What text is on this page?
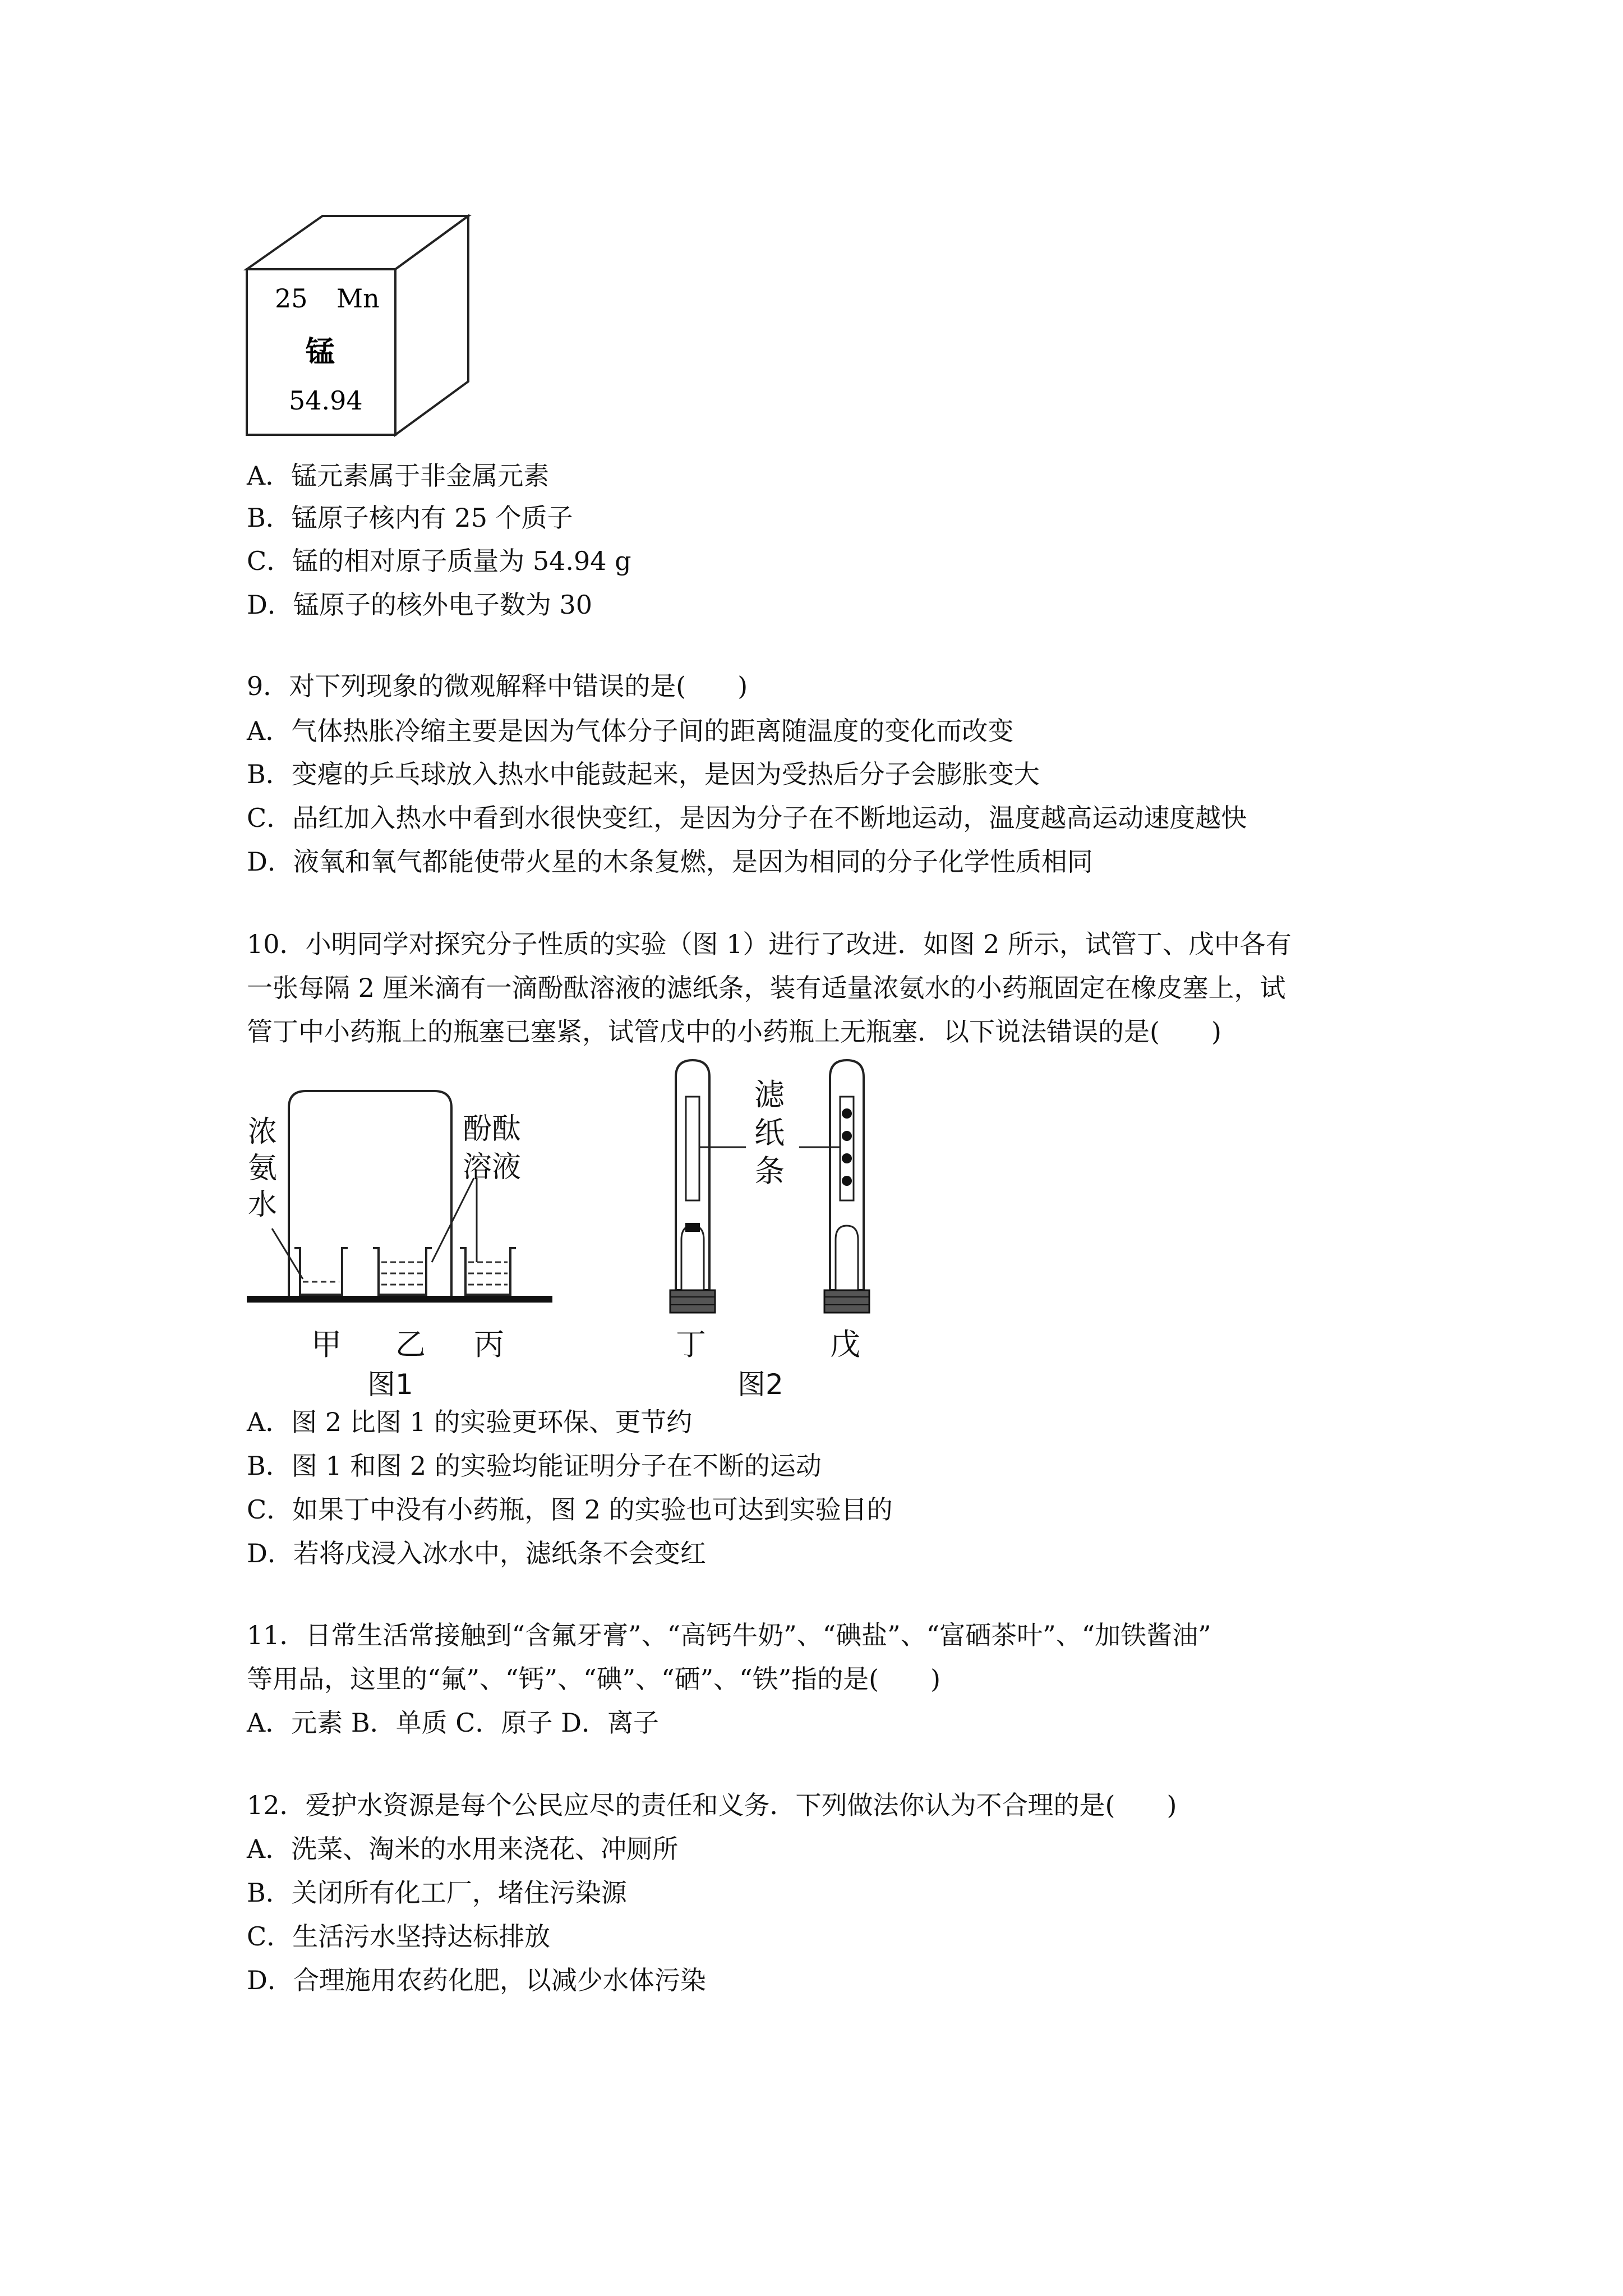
25 Mn
锰
54.94
A．锰元素属于非金属元素
B．锰原子核内有 25 个质子
C．锰的相对原子质量为 54.94 g
D．锰原子的核外电子数为 30
9．对下列现象的微观解释中错误的是(　　)
A．气体热胀冷缩主要是因为气体分子间的距离随温度的变化而改变
B．变瘪的乒乓球放入热水中能鼓起来，是因为受热后分子会膨胀变大
C．品红加入热水中看到水很快变红，是因为分子在不断地运动，温度越高运动速度越快
D．液氧和氧气都能使带火星的木条复燃，是因为相同的分子化学性质相同
10．小明同学对探究分子性质的实验（图 1）进行了改进．如图 2 所示，试管丁、戊中各有
一张每隔 2 厘米滴有一滴酚酞溶液的滤纸条，装有适量浓氨水的小药瓶固定在橡皮塞上，试
管丁中小药瓶上的瓶塞已塞紧，试管戊中的小药瓶上无瓶塞．以下说法错误的是(　　)
浓
氨
水
酚酞
溶液
甲 乙 丙
图1
滤
纸
条
丁	戊
图2
A．图 2 比图 1 的实验更环保、更节约
B．图 1 和图 2 的实验均能证明分子在不断的运动
C．如果丁中没有小药瓶，图 2 的实验也可达到实验目的
D．若将戊浸入冰水中，滤纸条不会变红
11．日常生活常接触到“含氟牙膏”、“高钙牛奶”、“碘盐”、“富硒茶叶”、“加铁酱油”
等用品，这里的“氟”、“钙”、“碘”、“硒”、“铁”指的是(　　)
A．元素 B．单质 C．原子 D．离子
12．爱护水资源是每个公民应尽的责任和义务．下列做法你认为不合理的是(　　)
A．洗菜、淘米的水用来浇花、冲厕所
B．关闭所有化工厂，堵住污染源
C．生活污水坚持达标排放
D．合理施用农药化肥，以减少水体污染
